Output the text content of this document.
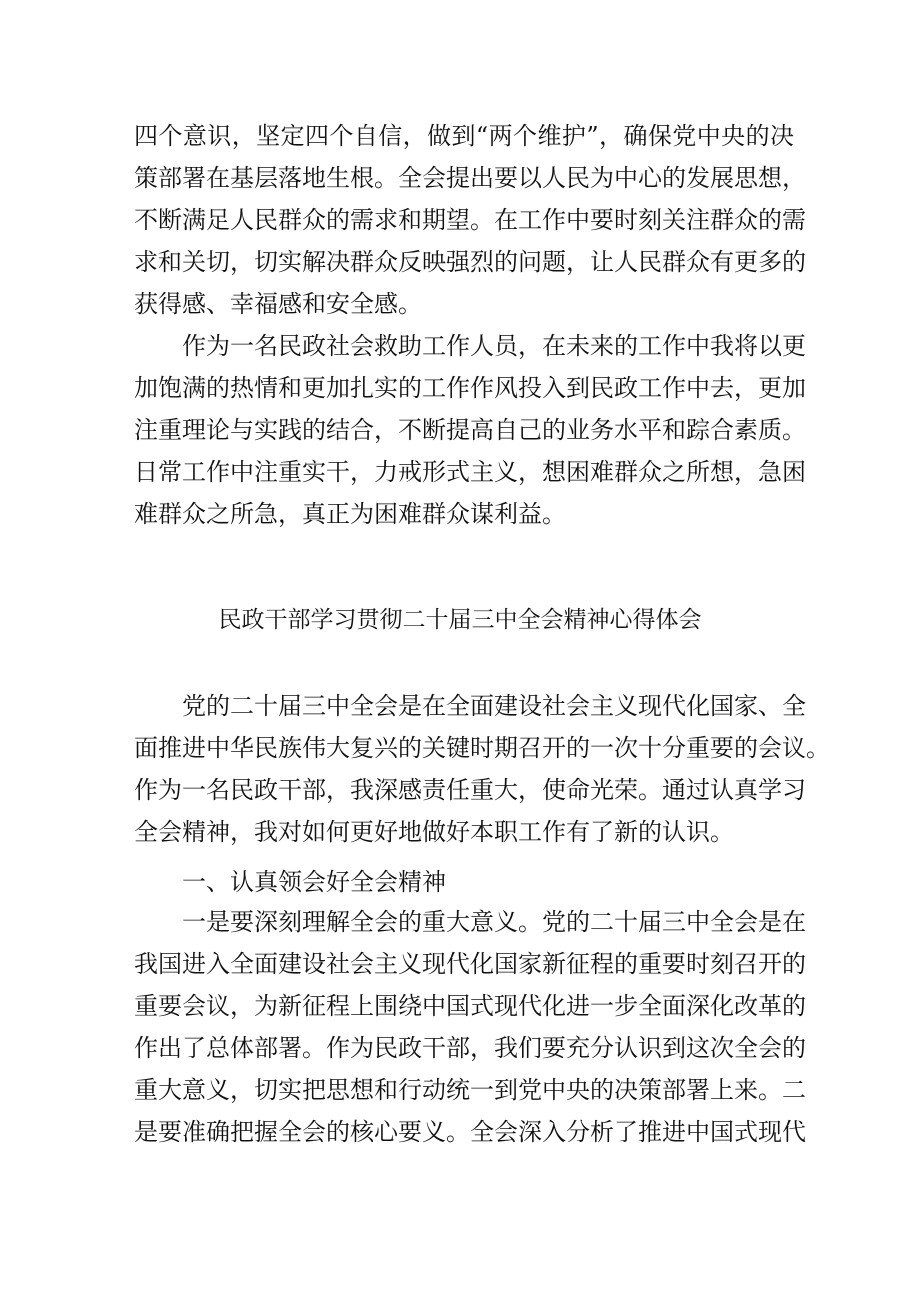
四个意识，坚定四个自信，做到“两个维护”，确保党中央的决
策部署在基层落地生根。全会提出要以人民为中心的发展思想，
不断满足人民群众的需求和期望。在工作中要时刻关注群众的需
求和关切，切实解决群众反映强烈的问题，让人民群众有更多的
获得感、幸福感和安全感。
作为一名民政社会救助工作人员，在未来的工作中我将以更
加饱满的热情和更加扎实的工作作风投入到民政工作中去，更加
注重理论与实践的结合，不断提高自己的业务水平和踪合素质。
日常工作中注重实干，力戒形式主义，想困难群众之所想，急困
难群众之所急，真正为困难群众谋利益。
民政干部学习贯彻二十届三中全会精神心得体会
党的二十届三中全会是在全面建设社会主义现代化国家、全
面推进中华民族伟大复兴的关键时期召开的一次十分重要的会议。
作为一名民政干部，我深感责任重大，使命光荣。通过认真学习
全会精神，我对如何更好地做好本职工作有了新的认识。
一、认真领会好全会精神
一是要深刻理解全会的重大意义。党的二十届三中全会是在
我国进入全面建设社会主义现代化国家新征程的重要时刻召开的
重要会议，为新征程上围绕中国式现代化进一步全面深化改革的
作出了总体部署。作为民政干部，我们要充分认识到这次全会的
重大意义，切实把思想和行动统一到党中央的决策部署上来。二
是要准确把握全会的核心要义。全会深入分析了推进中国式现代
